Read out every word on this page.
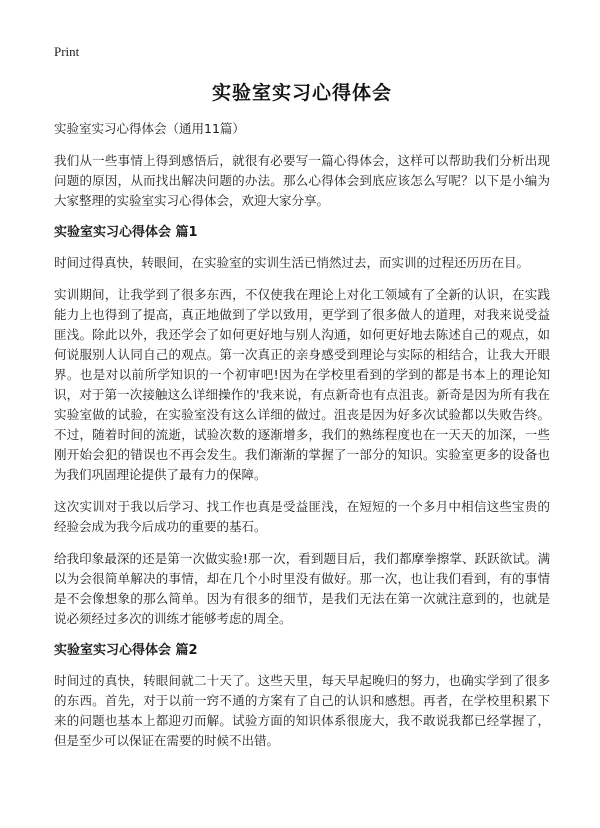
Print
实验室实习心得体会
实验室实习心得体会（通用11篇）

我们从一些事情上得到感悟后，就很有必要写一篇心得体会，这样可以帮助我们分析出现问题的原因，从而找出解决问题的办法。那么心得体会到底应该怎么写呢？以下是小编为大家整理的实验室实习心得体会，欢迎大家分享。

实验室实习心得体会 篇1

时间过得真快，转眼间，在实验室的实训生活已悄然过去，而实训的过程还历历在目。

实训期间，让我学到了很多东西，不仅使我在理论上对化工领域有了全新的认识，在实践能力上也得到了提高，真正地做到了学以致用，更学到了很多做人的道理，对我来说受益匪浅。除此以外，我还学会了如何更好地与别人沟通，如何更好地去陈述自己的观点，如何说服别人认同自己的观点。第一次真正的亲身感受到理论与实际的相结合，让我大开眼界。也是对以前所学知识的一个初审吧!因为在学校里看到的学到的都是书本上的理论知识，对于第一次接触这么详细操作的'我来说，有点新奇也有点沮丧。新奇是因为所有我在实验室做的试验，在实验室没有这么详细的做过。沮丧是因为好多次试验都以失败告终。不过，随着时间的流逝，试验次数的逐渐增多，我们的熟练程度也在一天天的加深，一些刚开始会犯的错误也不再会发生。我们渐渐的掌握了一部分的知识。实验室更多的设备也为我们巩固理论提供了最有力的保障。

这次实训对于我以后学习、找工作也真是受益匪浅，在短短的一个多月中相信这些宝贵的经验会成为我今后成功的重要的基石。

给我印象最深的还是第一次做实验!那一次，看到题目后，我们都摩拳擦掌、跃跃欲试。满以为会很简单解决的事情，却在几个小时里没有做好。那一次，也让我们看到，有的事情是不会像想象的那么简单。因为有很多的细节，是我们无法在第一次就注意到的，也就是说必须经过多次的训练才能够考虑的周全。

实验室实习心得体会 篇2

时间过的真快，转眼间就二十天了。这些天里，每天早起晚归的努力，也确实学到了很多的东西。首先，对于以前一窍不通的方案有了自己的认识和感想。再者，在学校里积累下来的问题也基本上都迎刃而解。试验方面的知识体系很庞大，我不敢说我都已经掌握了，但是至少可以保证在需要的时候不出错。
